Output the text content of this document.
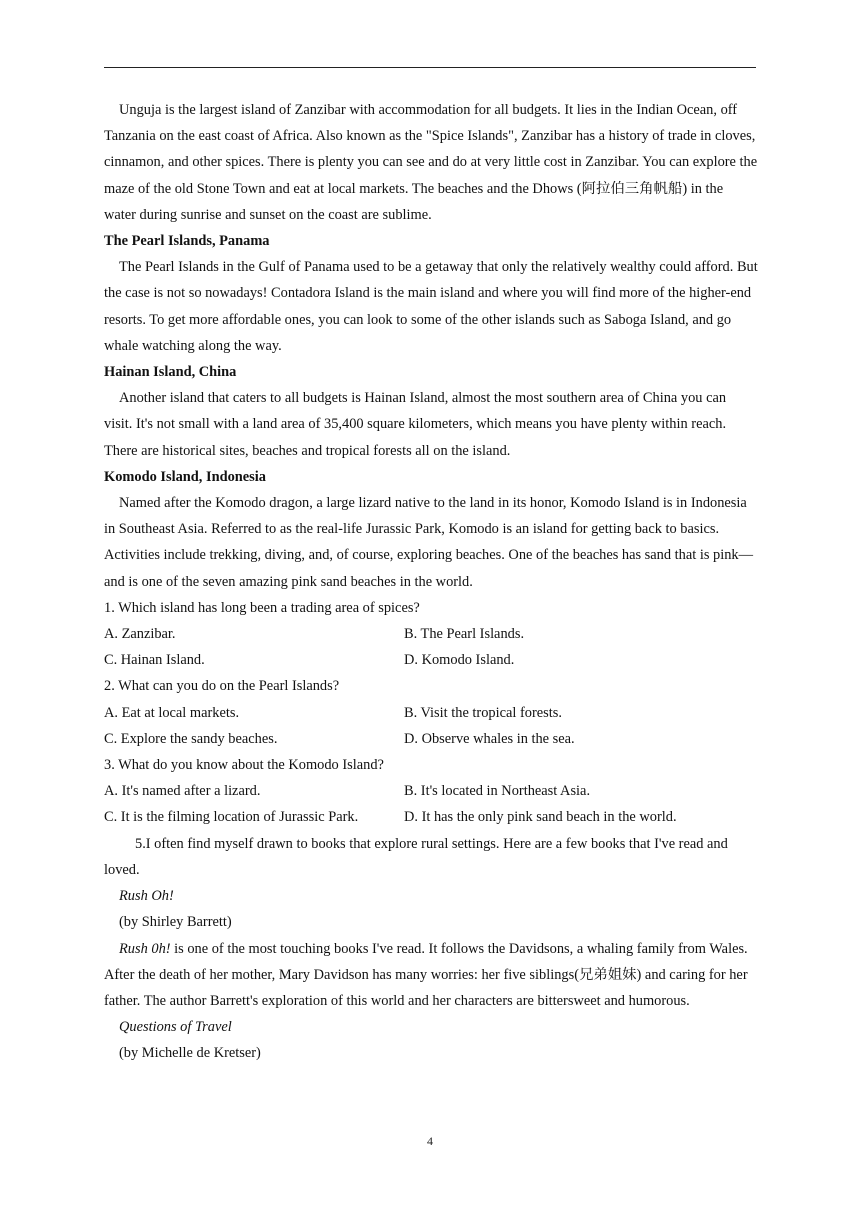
Unguja is the largest island of Zanzibar with accommodation for all budgets. It lies in the Indian Ocean, off Tanzania on the east coast of Africa. Also known as the "Spice Islands", Zanzibar has a history of trade in cloves, cinnamon, and other spices. There is plenty you can see and do at very little cost in Zanzibar. You can explore the maze of the old Stone Town and eat at local markets. The beaches and the Dhows (阿拉伯三角帆船) in the water during sunrise and sunset on the coast are sublime.

The Pearl Islands, Panama

The Pearl Islands in the Gulf of Panama used to be a getaway that only the relatively wealthy could afford. But the case is not so nowadays! Contadora Island is the main island and where you will find more of the higher-end resorts. To get more affordable ones, you can look to some of the other islands such as Saboga Island, and go whale watching along the way.

Hainan Island, China

Another island that caters to all budgets is Hainan Island, almost the most southern area of China you can visit. It's not small with a land area of 35,400 square kilometers, which means you have plenty within reach. There are historical sites, beaches and tropical forests all on the island.

Komodo Island, Indonesia

Named after the Komodo dragon, a large lizard native to the land in its honor, Komodo Island is in Indonesia in Southeast Asia. Referred to as the real-life Jurassic Park, Komodo is an island for getting back to basics. Activities include trekking, diving, and, of course, exploring beaches. One of the beaches has sand that is pink—and is one of the seven amazing pink sand beaches in the world.

1. Which island has long been a trading area of spices?

A. Zanzibar.	B. The Pearl Islands.
C. Hainan Island.	D. Komodo Island.

2. What can you do on the Pearl Islands?

A. Eat at local markets.	B. Visit the tropical forests.
C. Explore the sandy beaches.	D. Observe whales in the sea.

3. What do you know about the Komodo Island?

A. It's named after a lizard.	B. It's located in Northeast Asia.
C. It is the filming location of Jurassic Park.	D. It has the only pink sand beach in the world.

5.I often find myself drawn to books that explore rural settings. Here are a few books that I've read and loved.

Rush Oh!

(by Shirley Barrett)

Rush 0h! is one of the most touching books I've read. It follows the Davidsons, a whaling family from Wales. After the death of her mother, Mary Davidson has many worries: her five siblings(兄弟姐妹) and caring for her father. The author Barrett's exploration of this world and her characters are bittersweet and humorous.

Questions of Travel

(by Michelle de Kretser)

4
